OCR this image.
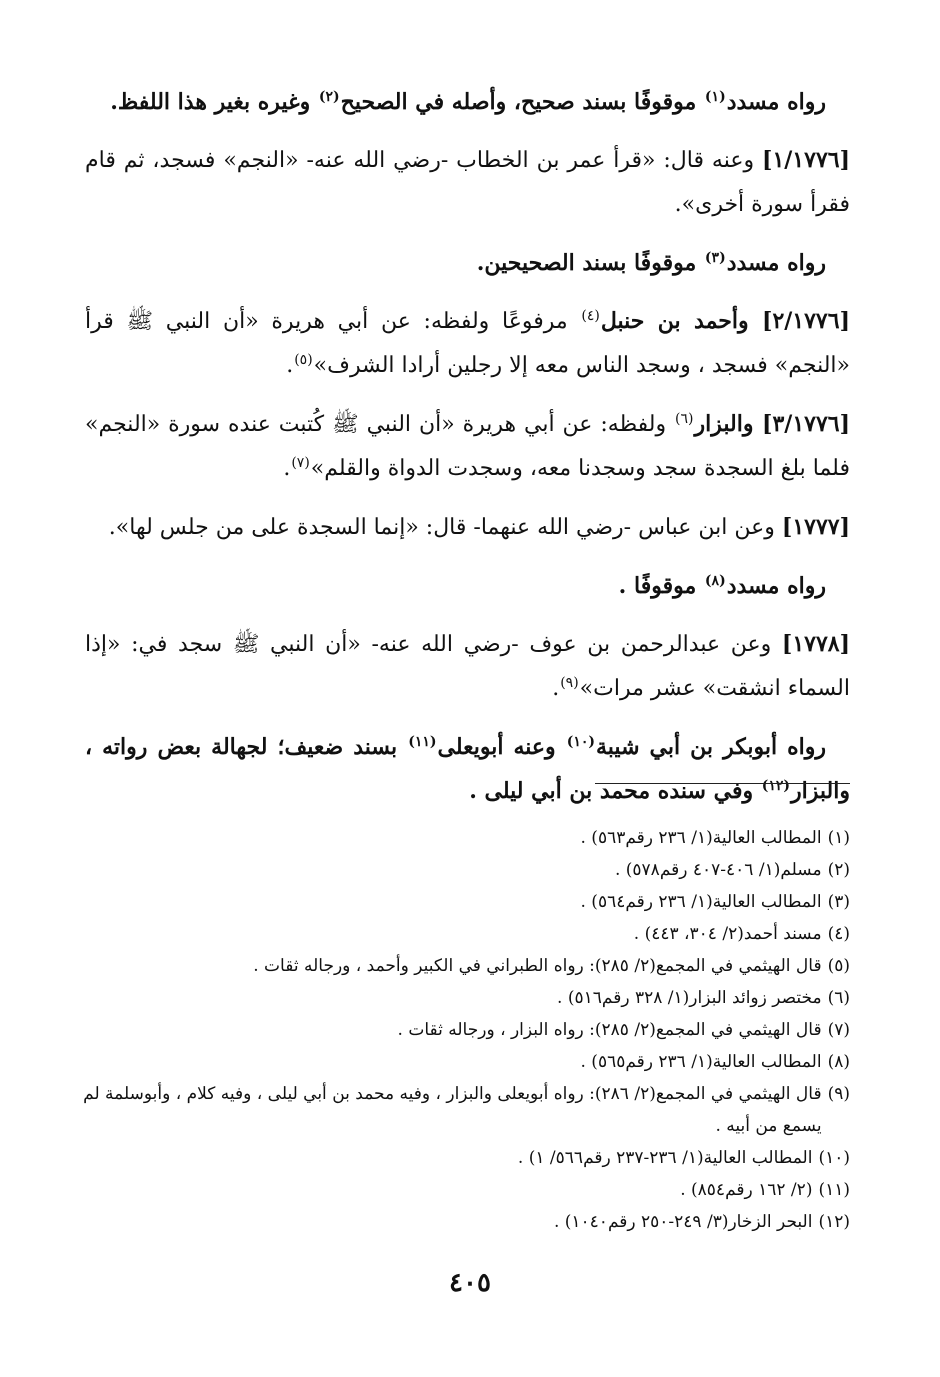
رواه مسدد$^{(١)}$ موقوفًا بسند صحيح، وأصله في الصحيح$^{(٢)}$ وغيره بغير هذا اللفظ.

[١/١٧٧٦] وعنه قال: «قرأ عمر بن الخطاب -رضي الله عنه- «النجم» فسجد، ثم قام فقرأ سورة أخرى».

رواه مسدد$^{(٣)}$ موقوفًا بسند الصحيحين.

[٢/١٧٧٦] وأحمد بن حنبل$^{(٤)}$ مرفوعًا ولفظه: عن أبي هريرة «أن النبي ﷺ قرأ «النجم» فسجد ، وسجد الناس معه إلا رجلين أرادا الشرف»$^{(٥)}$.

[٣/١٧٧٦] والبزار$^{(٦)}$ ولفظه: عن أبي هريرة «أن النبي ﷺ كُتبت عنده سورة «النجم» فلما بلغ السجدة سجد وسجدنا معه، وسجدت الدواة والقلم»$^{(٧)}$.

[١٧٧٧] وعن ابن عباس -رضي الله عنهما- قال: «إنما السجدة على من جلس لها».

رواه مسدد$^{(٨)}$ موقوفًا .

[١٧٧٨] وعن عبدالرحمن بن عوف -رضي الله عنه- «أن النبي ﷺ سجد في: «إذا السماء انشقت» عشر مرات»$^{(٩)}$.

رواه أبوبكر بن أبي شيبة$^{(١٠)}$ وعنه أبويعلى$^{(١١)}$ بسند ضعيف؛ لجهالة بعض رواته ، والبزار$^{(١٢)}$ وفي سنده محمد بن أبي ليلى .

(١)
المطالب العالية(١/ ٢٣٦ رقم٥٦٣) .
(٢)
مسلم(١/ ٤٠٦-٤٠٧ رقم٥٧٨) .
(٣)
المطالب العالية(١/ ٢٣٦ رقم٥٦٤) .
(٤)
مسند أحمد(٢/ ٣٠٤، ٤٤٣) .
(٥)
قال الهيثمي في المجمع(٢/ ٢٨٥): رواه الطبراني في الكبير وأحمد ، ورجاله ثقات .
(٦)
مختصر زوائد البزار(١/ ٣٢٨ رقم٥١٦) .
(٧)
قال الهيثمي في المجمع(٢/ ٢٨٥): رواه البزار ، ورجاله ثقات .
(٨)
المطالب العالية(١/ ٢٣٦ رقم٥٦٥) .
(٩)
قال الهيثمي في المجمع(٢/ ٢٨٦): رواه أبويعلى والبزار ، وفيه محمد بن أبي ليلى ، وفيه كلام ، وأبوسلمة لم يسمع من أبيه .
(١٠)
المطالب العالية(١/ ٢٣٦-٢٣٧ رقم٥٦٦/ ١) .
(١١)
(٢/ ١٦٢ رقم٨٥٤) .
(١٢)
البحر الزخار(٣/ ٢٤٩-٢٥٠ رقم١٠٤٠) .
٤٠٥
